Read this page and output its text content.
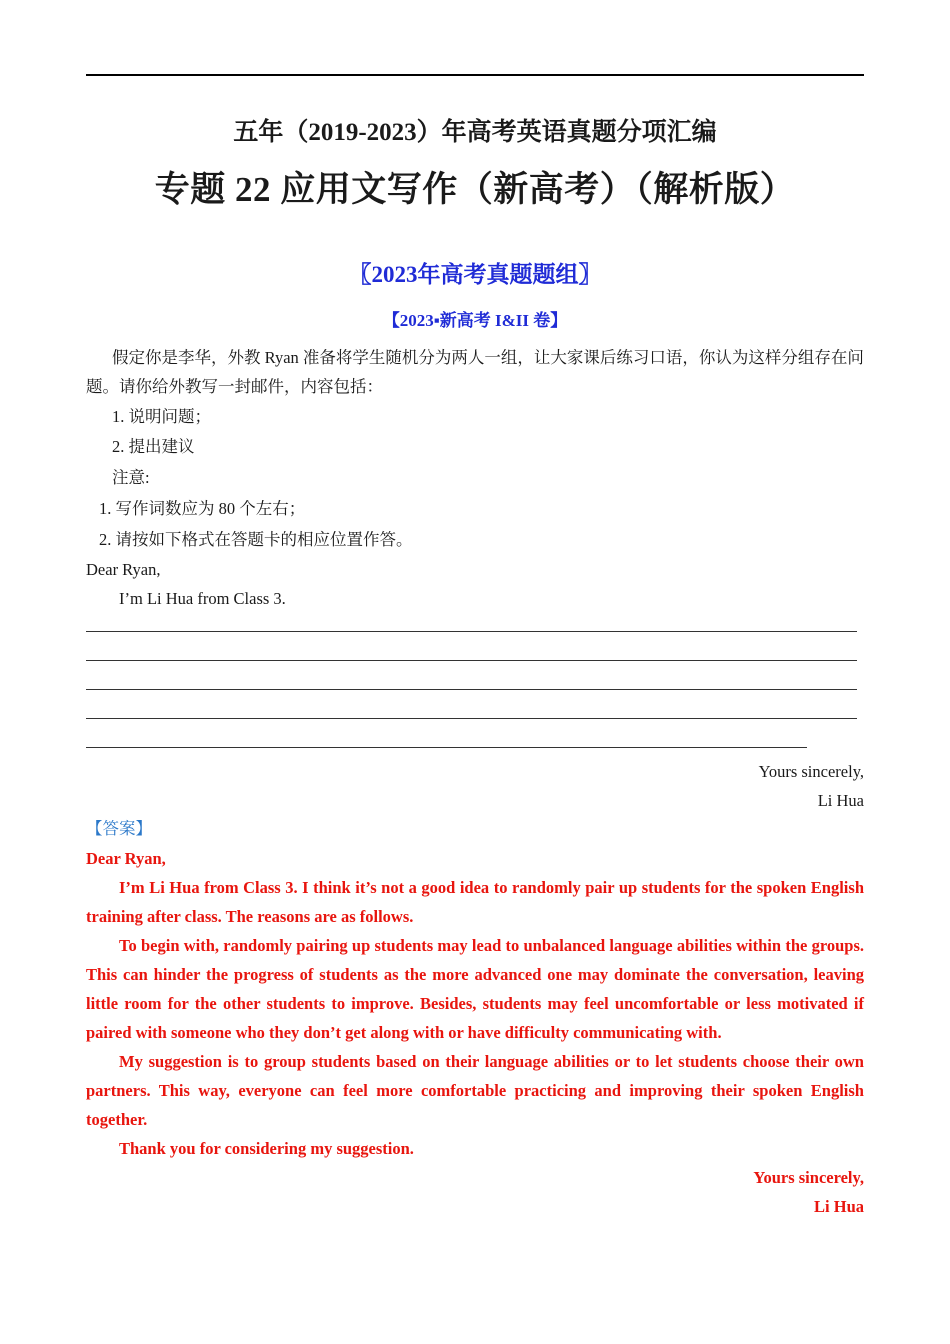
五年（2019-2023）年高考英语真题分项汇编
专题 22 应用文写作（新高考）（解析版）
〖2023年高考真题题组〗
【2023▪新高考 I&II 卷】
假定你是李华，外教 Ryan 准备将学生随机分为两人一组，让大家课后练习口语，你认为这样分组存在问题。请你给外教写一封邮件，内容包括：
1. 说明问题；
2. 提出建议
注意:
1. 写作词数应为 80 个左右；
2. 请按如下格式在答题卡的相应位置作答。
Dear Ryan,
I’m Li Hua from Class 3.
Yours sincerely,
Li Hua
【答案】
Dear Ryan,
I’m Li Hua from Class 3. I think it’s not a good idea to randomly pair up students for the spoken English training after class. The reasons are as follows.
To begin with, randomly pairing up students may lead to unbalanced language abilities within the groups. This can hinder the progress of students as the more advanced one may dominate the conversation, leaving little room for the other students to improve. Besides, students may feel uncomfortable or less motivated if paired with someone who they don’t get along with or have difficulty communicating with.
My suggestion is to group students based on their language abilities or to let students choose their own partners. This way, everyone can feel more comfortable practicing and improving their spoken English together.
Thank you for considering my suggestion.
Yours sincerely,
Li Hua
